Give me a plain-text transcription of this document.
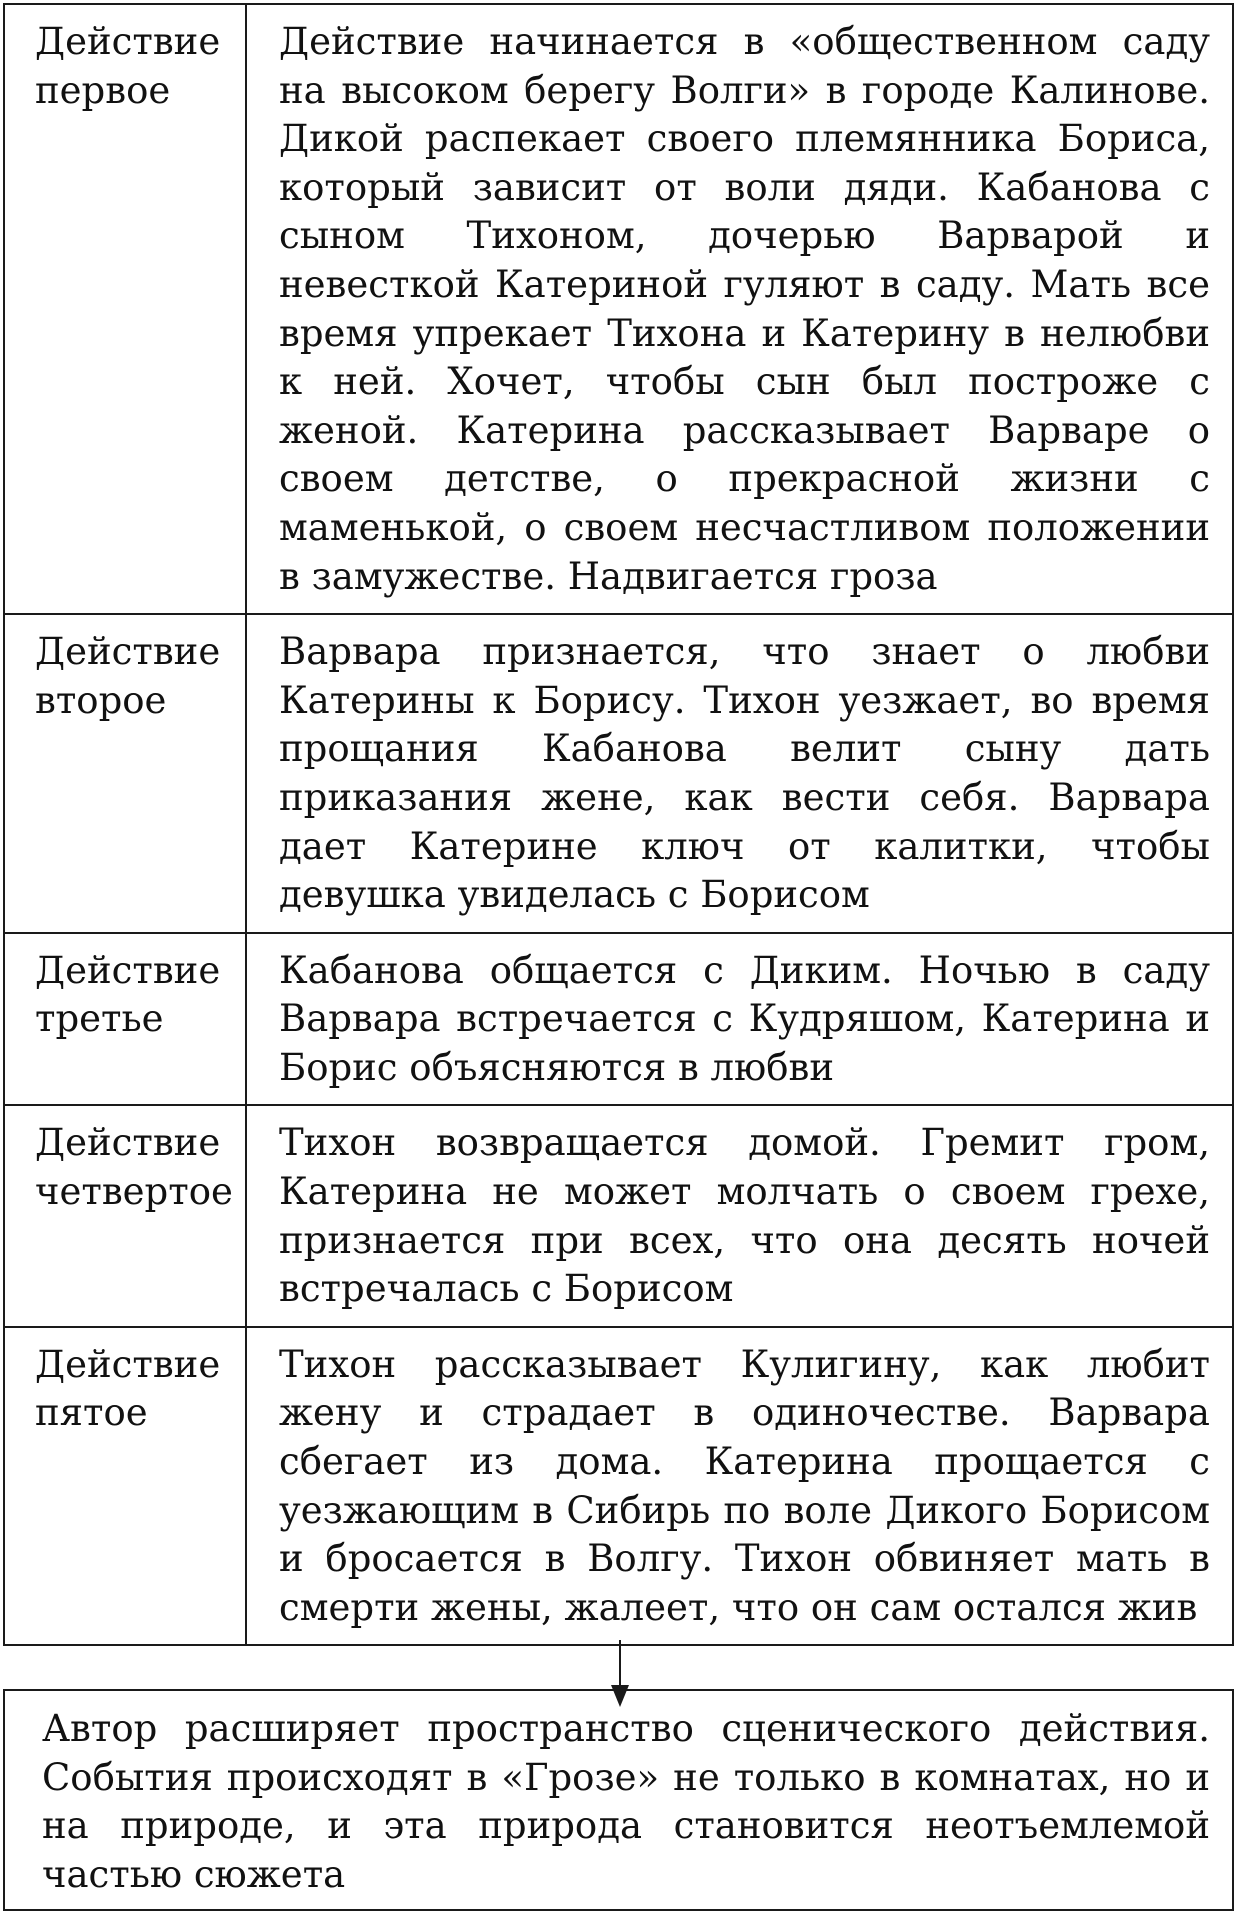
Действие первое	Действие начинается в «общественном саду на высоком берегу Волги» в городе Калинове. Дикой распекает своего племянника Бориса, который зависит от воли дяди. Кабанова с сыном Тихоном, дочерью Варварой и невесткой Катериной гуляют в саду. Мать все время упрекает Тихона и Катерину в нелюбви к ней. Хочет, чтобы сын был построже с женой. Катерина рассказывает Варваре о своем детстве, о прекрасной жизни с маменькой, о своем несчастливом положении в замужестве. Надвигается гроза
Действие второе	Варвара признается, что знает о любви Катерины к Борису. Тихон уезжает, во время прощания Кабанова велит сыну дать приказания жене, как вести себя. Варвара дает Катерине ключ от калитки, чтобы девушка увиделась с Борисом
Действие третье	Кабанова общается с Диким. Ночью в саду Варвара встречается с Кудряшом, Катерина и Борис объясняются в любви
Действие четвертое	Тихон возвращается домой. Гремит гром, Катерина не может молчать о своем грехе, признается при всех, что она десять ночей встречалась с Борисом
Действие пятое	Тихон рассказывает Кулигину, как любит жену и страдает в одиночестве. Варвара сбегает из дома. Катерина прощается с уезжающим в Сибирь по воле Дикого Борисом и бросается в Волгу. Тихон обвиняет мать в смерти жены, жалеет, что он сам остался жив
Автор расширяет пространство сценического действия. События происходят в «Грозе» не только в комнатах, но и на природе, и эта природа становится неотъемлемой частью сюжета
